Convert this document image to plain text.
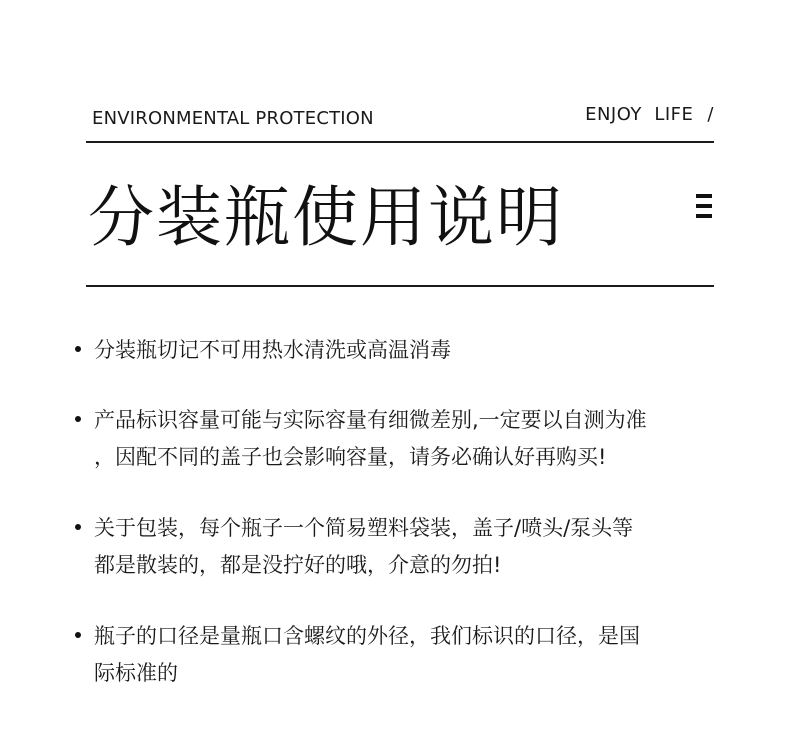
ENVIRONMENTAL PROTECTION	ENJOY  LIFE /
分装瓶使用说明
分装瓶切记不可用热水清洗或高温消毒
产品标识容量可能与实际容量有细微差别,一定要以自测为准
，因配不同的盖子也会影响容量，请务必确认好再购买!
关于包装，每个瓶子一个简易塑料袋装，盖子/喷头/泵头等
都是散装的，都是没拧好的哦，介意的勿拍!
瓶子的口径是量瓶口含螺纹的外径，我们标识的口径，是国
际标准的
